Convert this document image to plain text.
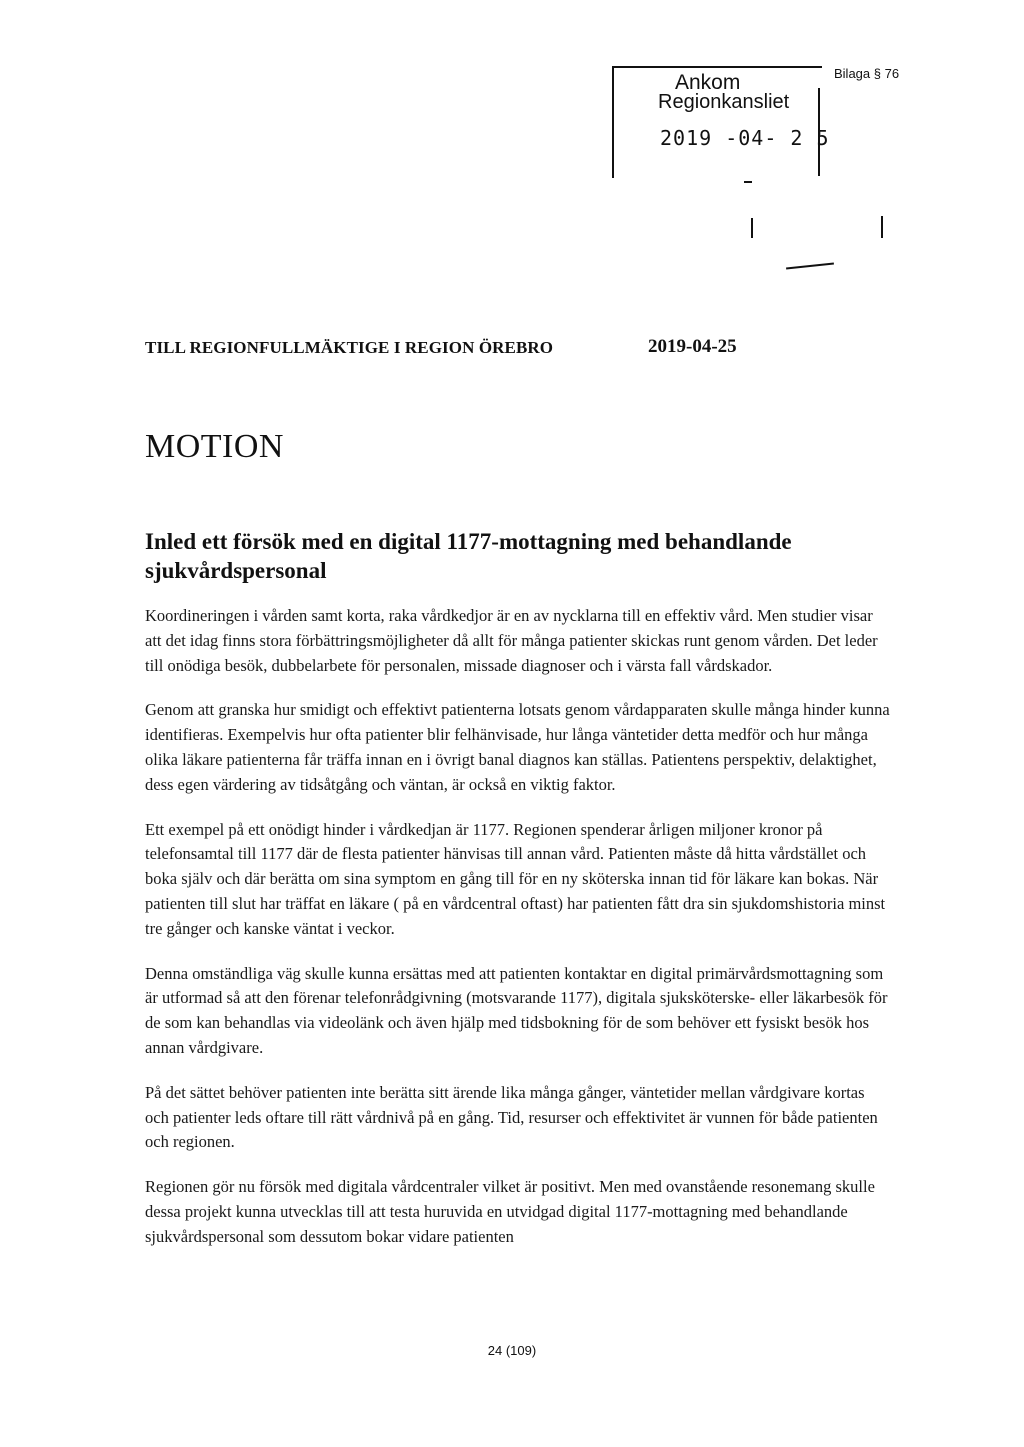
Ankom
Regionkansliet
2019 -04- 2 5
Bilaga § 76
TILL REGIONFULLMÄKTIGE I REGION ÖREBRO	2019-04-25
MOTION
Inled ett försök med en digital 1177-mottagning med behandlande sjukvårdspersonal

Koordineringen i vården samt korta, raka vårdkedjor är en av nycklarna till en effektiv vård. Men studier visar att det idag finns stora förbättringsmöjligheter då allt för många patienter skickas runt genom vården. Det leder till onödiga besök, dubbelarbete för personalen, missade diagnoser och i värsta fall vårdskador.

Genom att granska hur smidigt och effektivt patienterna lotsats genom vårdapparaten skulle många hinder kunna identifieras. Exempelvis hur ofta patienter blir felhänvisade, hur långa väntetider detta medför och hur många olika läkare patienterna får träffa innan en i övrigt banal diagnos kan ställas. Patientens perspektiv, delaktighet, dess egen värdering av tidsåtgång och väntan, är också en viktig faktor.

Ett exempel på ett onödigt hinder i vårdkedjan är 1177. Regionen spenderar årligen miljoner kronor på telefonsamtal till 1177 där de flesta patienter hänvisas till annan vård. Patienten måste då hitta vårdstället och boka själv och där berätta om sina symptom en gång till för en ny sköterska innan tid för läkare kan bokas. När patienten till slut har träffat en läkare ( på en vårdcentral oftast) har patienten fått dra sin sjukdomshistoria minst tre gånger och kanske väntat i veckor.

Denna omständliga väg skulle kunna ersättas med att patienten kontaktar en digital primärvårdsmottagning som är utformad så att den förenar telefonrådgivning (motsvarande 1177), digitala sjuksköterske- eller läkarbesök för de som kan behandlas via videolänk och även hjälp med tidsbokning för de som behöver ett fysiskt besök hos annan vårdgivare.

På det sättet behöver patienten inte berätta sitt ärende lika många gånger, väntetider mellan vårdgivare kortas och patienter leds oftare till rätt vårdnivå på en gång. Tid, resurser och effektivitet är vunnen för både patienten och regionen.

Regionen gör nu försök med digitala vårdcentraler vilket är positivt. Men med ovanstående resonemang skulle dessa projekt kunna utvecklas till att testa huruvida en utvidgad digital 1177-mottagning med behandlande sjukvårdspersonal som dessutom bokar vidare patienten

24 (109)
